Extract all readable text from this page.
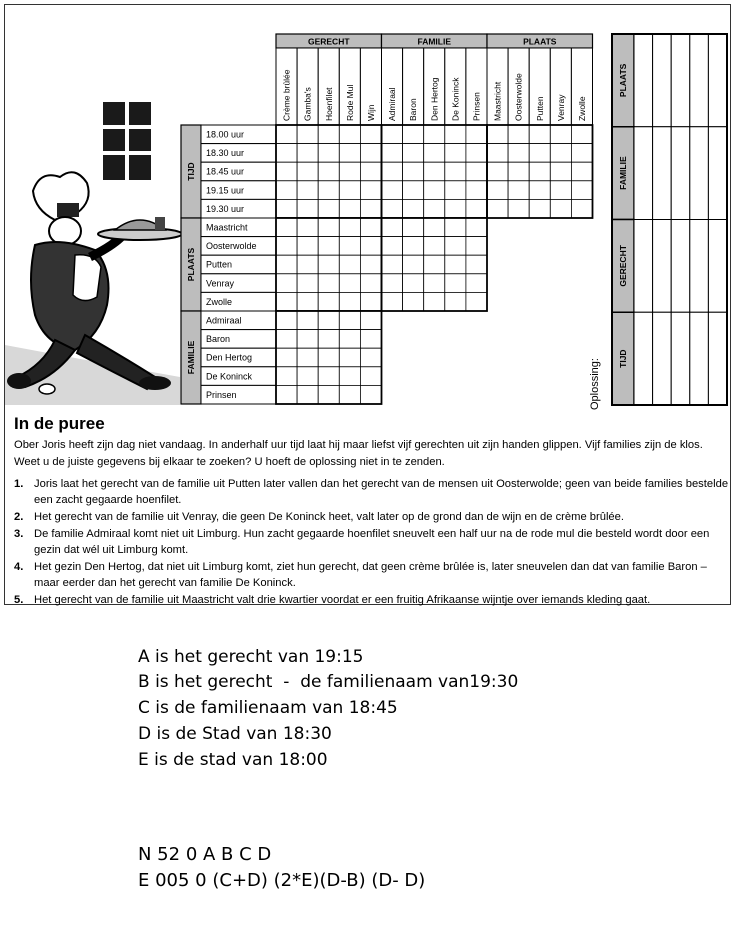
GERECHT
Crème brûlée Gamba's Hoenfilet Rode Mul Wijn
FAMILIE
Admiraal Baron Den Hertog De Koninck Prinsen
PLAATS
Maastricht Oosterwolde Putten Venray Zwolle
TIJD
18.00 uur
18.30 uur
18.45 uur
19.15 uur
19.30 uur
PLAATS
Maastricht
Oosterwolde
Putten
Venray
Zwolle
FAMILIE
Admiraal
Baron
Den Hertog
De Koninck
Prinsen
PLAATS
FAMILIE
GERECHT
TIJD
In de puree
Ober Joris heeft zijn dag niet vandaag. In anderhalf uur tijd laat hij maar liefst vijf gerechten uit zijn handen glippen. Vijf families zijn de klos. Weet u de juiste gegevens bij elkaar te zoeken? U hoeft de oplossing niet in te zenden.
1. Joris laat het gerecht van de familie uit Putten later vallen dan het gerecht van de mensen uit Oosterwolde; geen van beide families bestelde een zacht gegaarde hoenfilet.
2. Het gerecht van de familie uit Venray, die geen De Koninck heet, valt later op de grond dan de wijn en de crème brûlée.
3. De familie Admiraal komt niet uit Limburg. Hun zacht gegaarde hoenfilet sneuvelt een half uur na de rode mul die besteld wordt door een gezin dat wél uit Limburg komt.
4. Het gezin Den Hertog, dat niet uit Limburg komt, ziet hun gerecht, dat geen crème brûlée is, later sneuvelen dan dat van familie Baron – maar eerder dan het gerecht van familie De Koninck.
5. Het gerecht van de familie uit Maastricht valt drie kwartier voordat er een fruitig Afrikaanse wijntje over iemands kleding gaat.
Oplossing:
A is het gerecht van 19:15
B is het gerecht  -  de familienaam van19:30
C is de familienaam van 18:45
D is de Stad van 18:30
E is de stad van 18:00
N 52 0 A B C D
E 005 0 (C+D) (2*E)(D-B) (D- D)
